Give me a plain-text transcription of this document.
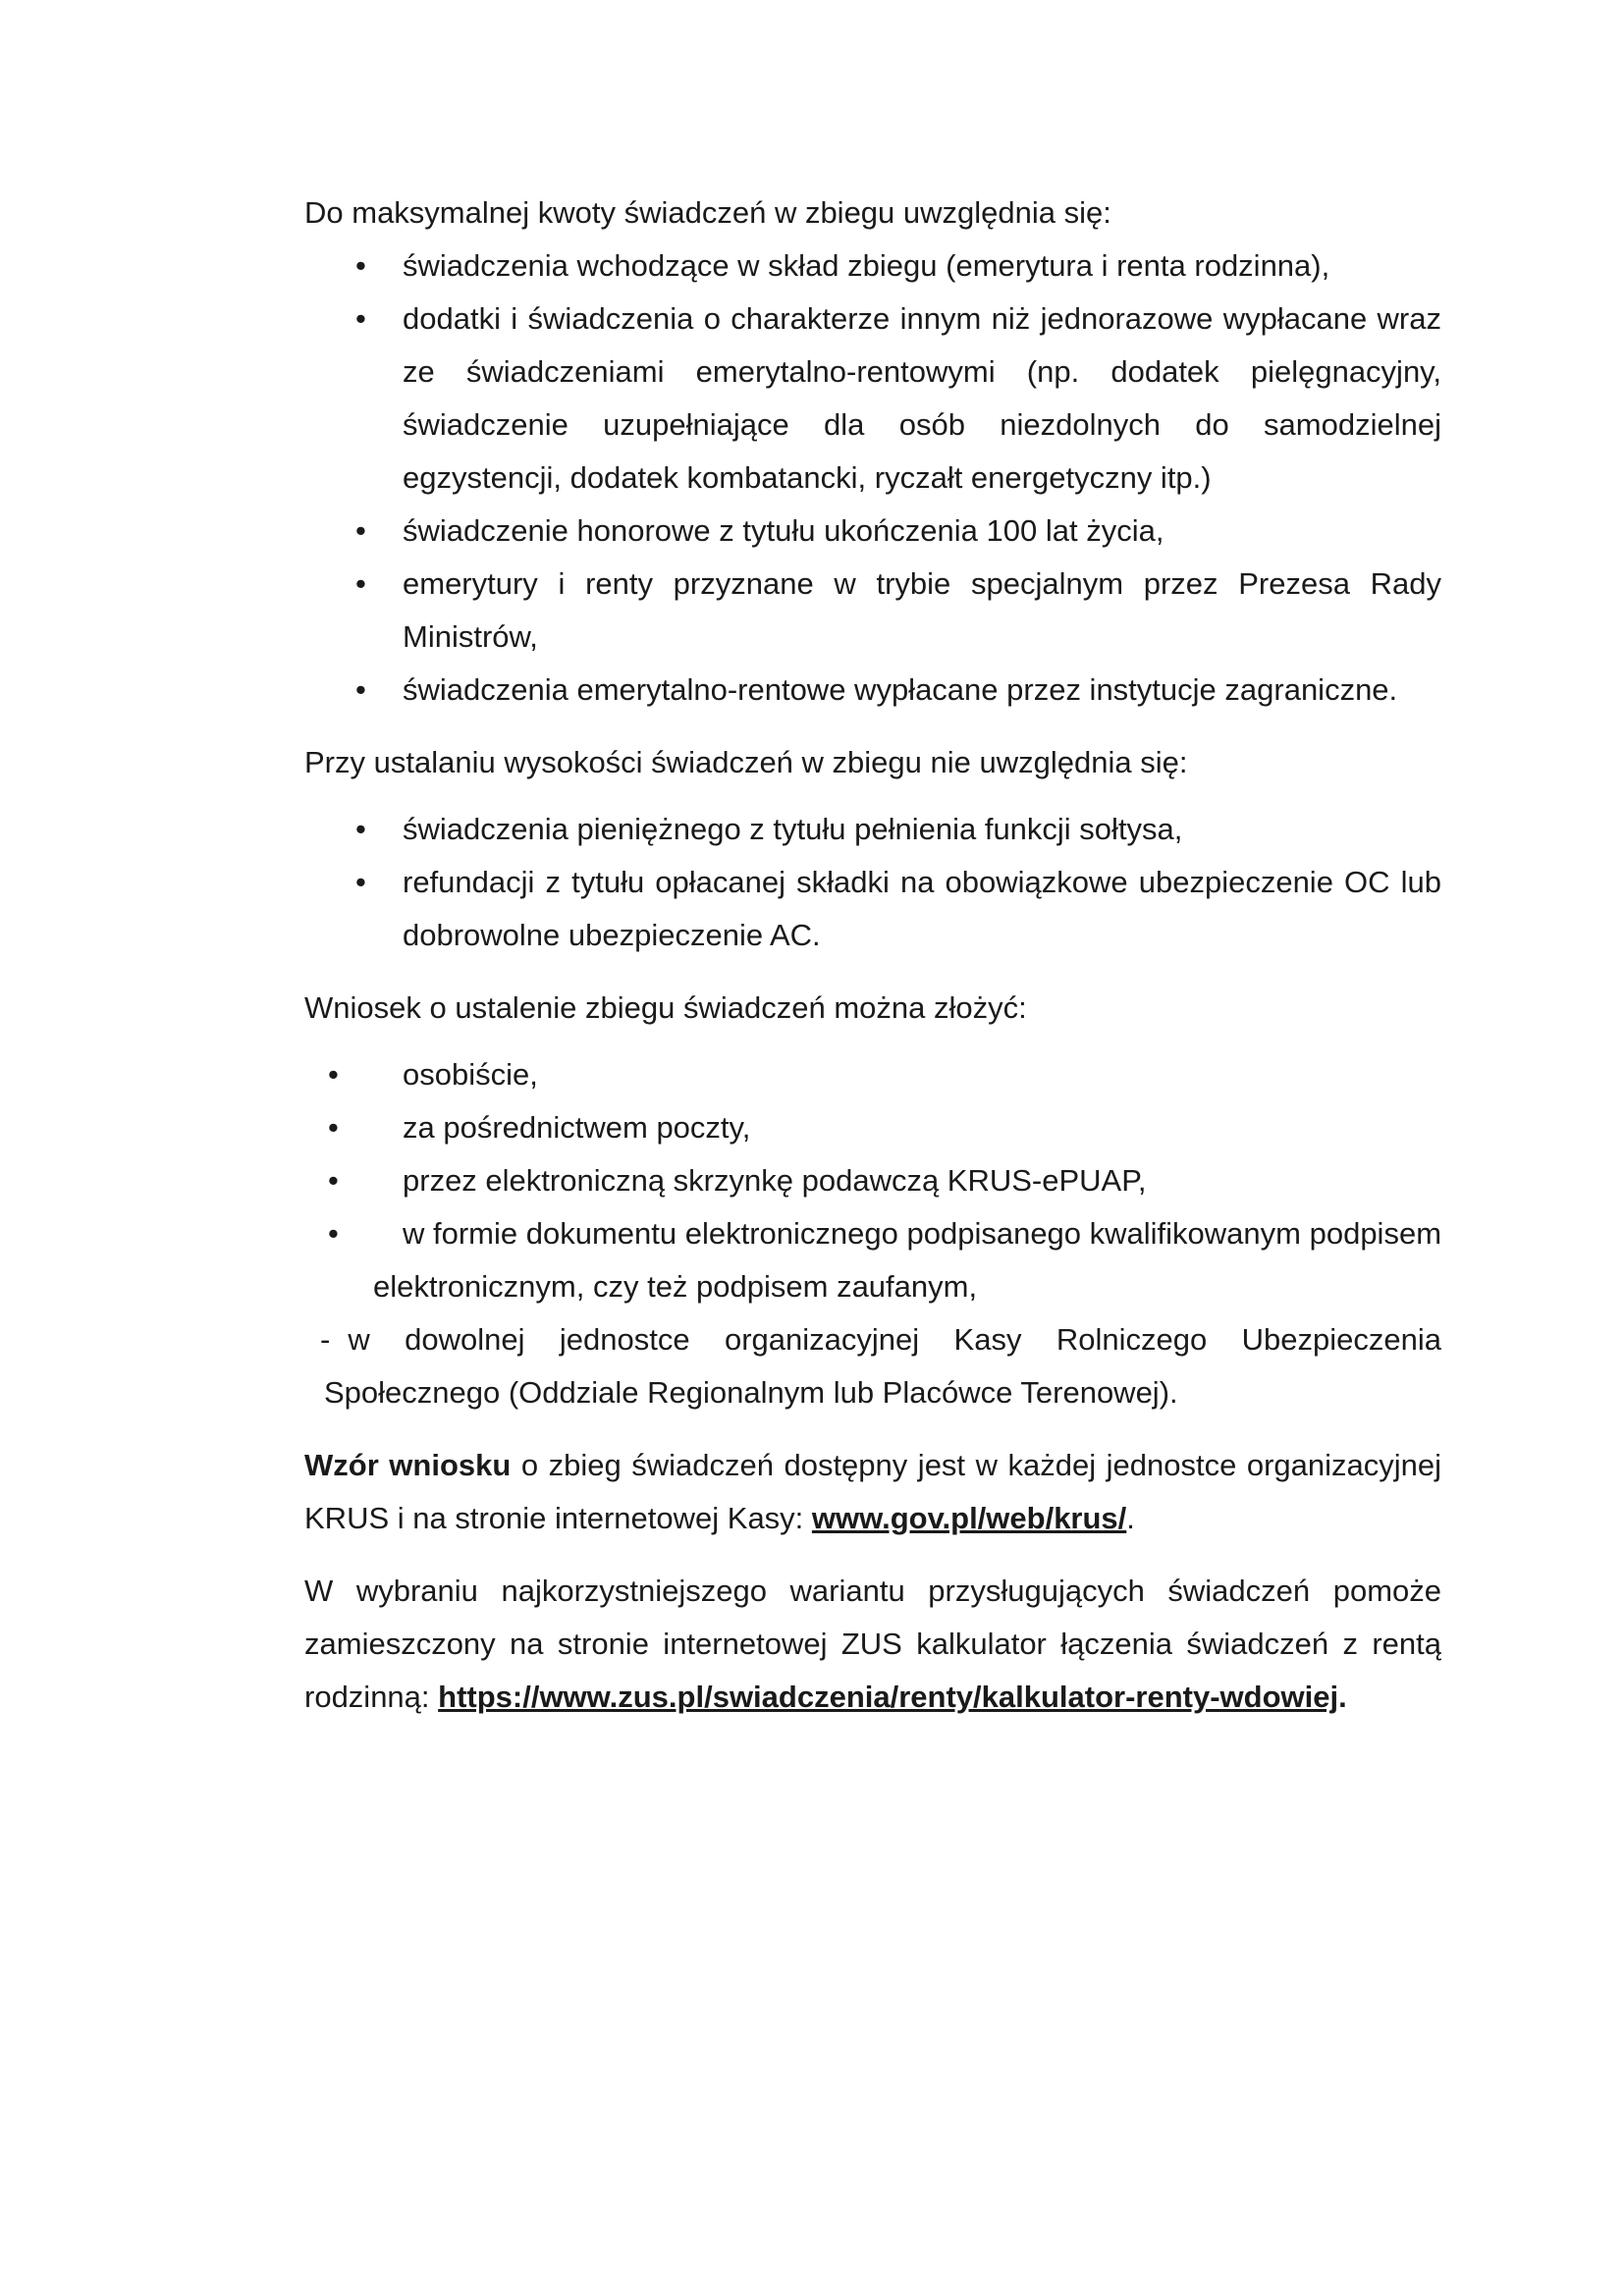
Do maksymalnej kwoty świadczeń w zbiegu uwzględnia się:

• świadczenia wchodzące w skład zbiegu (emerytura i renta rodzinna),
• dodatki i świadczenia o charakterze innym niż jednorazowe wypłacane wraz ze świadczeniami emerytalno-rentowymi (np. dodatek pielęgnacyjny, świadczenie uzupełniające dla osób niezdolnych do samodzielnej egzystencji, dodatek kombatancki, ryczałt energetyczny itp.)
• świadczenie honorowe z tytułu ukończenia 100 lat życia,
• emerytury i renty przyznane w trybie specjalnym przez Prezesa Rady Ministrów,
• świadczenia emerytalno-rentowe wypłacane przez instytucje zagraniczne.

Przy ustalaniu wysokości świadczeń w zbiegu nie uwzględnia się:

• świadczenia pieniężnego z tytułu pełnienia funkcji sołtysa,
• refundacji z tytułu opłacanej składki na obowiązkowe ubezpieczenie OC lub dobrowolne ubezpieczenie AC.

Wniosek o ustalenie zbiegu świadczeń można złożyć:

• osobiście,
• za pośrednictwem poczty,
• przez elektroniczną skrzynkę podawczą KRUS-ePUAP,
• w formie dokumentu elektronicznego podpisanego kwalifikowanym podpisem elektronicznym, czy też podpisem zaufanym,

- w dowolnej jednostce organizacyjnej Kasy Rolniczego Ubezpieczenia Społecznego (Oddziale Regionalnym lub Placówce Terenowej).

Wzór wniosku o zbieg świadczeń dostępny jest w każdej jednostce organizacyjnej KRUS i na stronie internetowej Kasy: www.gov.pl/web/krus/.

W wybraniu najkorzystniejszego wariantu przysługujących świadczeń pomoże zamieszczony na stronie internetowej ZUS kalkulator łączenia świadczeń z rentą rodzinną: https://www.zus.pl/swiadczenia/renty/kalkulator-renty-wdowiej.
